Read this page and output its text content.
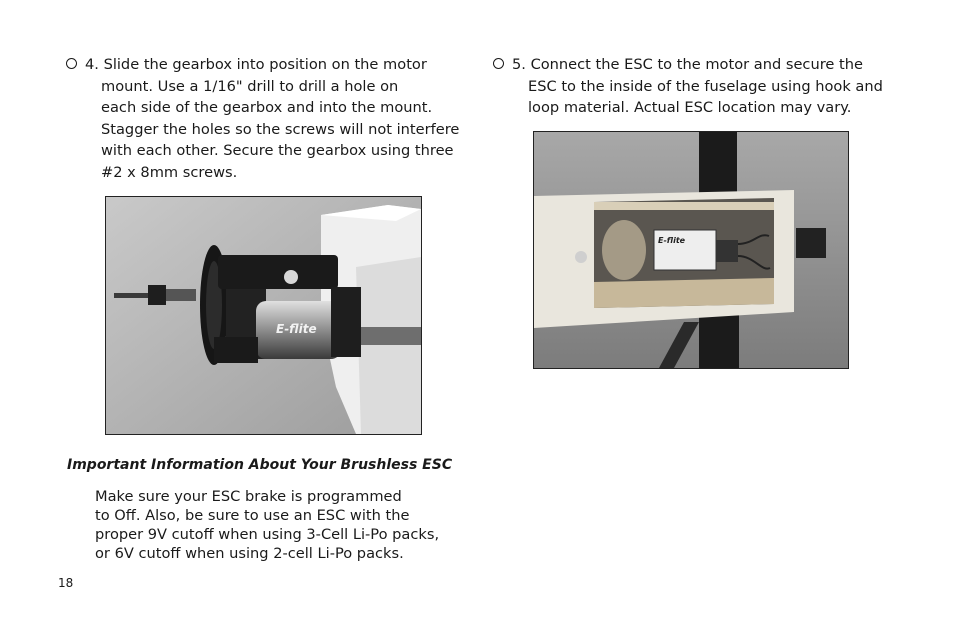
4. Slide the gearbox into position on the motor
mount. Use a 1/16" drill to drill a hole on
each side of the gearbox and into the mount.
Stagger the holes so the screws will not interfere
with each other. Secure the gearbox using three
#2 x 8mm screws.
5. Connect the ESC to the motor and secure the
ESC to the inside of the fuselage using hook and
loop material. Actual ESC location may vary.
E-flite
E-flite
Important Information About Your Brushless ESC
Make sure your ESC brake is programmed
to Off. Also, be sure to use an ESC with the
proper 9V cutoff when using 3-Cell Li-Po packs,
or 6V cutoff when using 2-cell Li-Po packs.
18
